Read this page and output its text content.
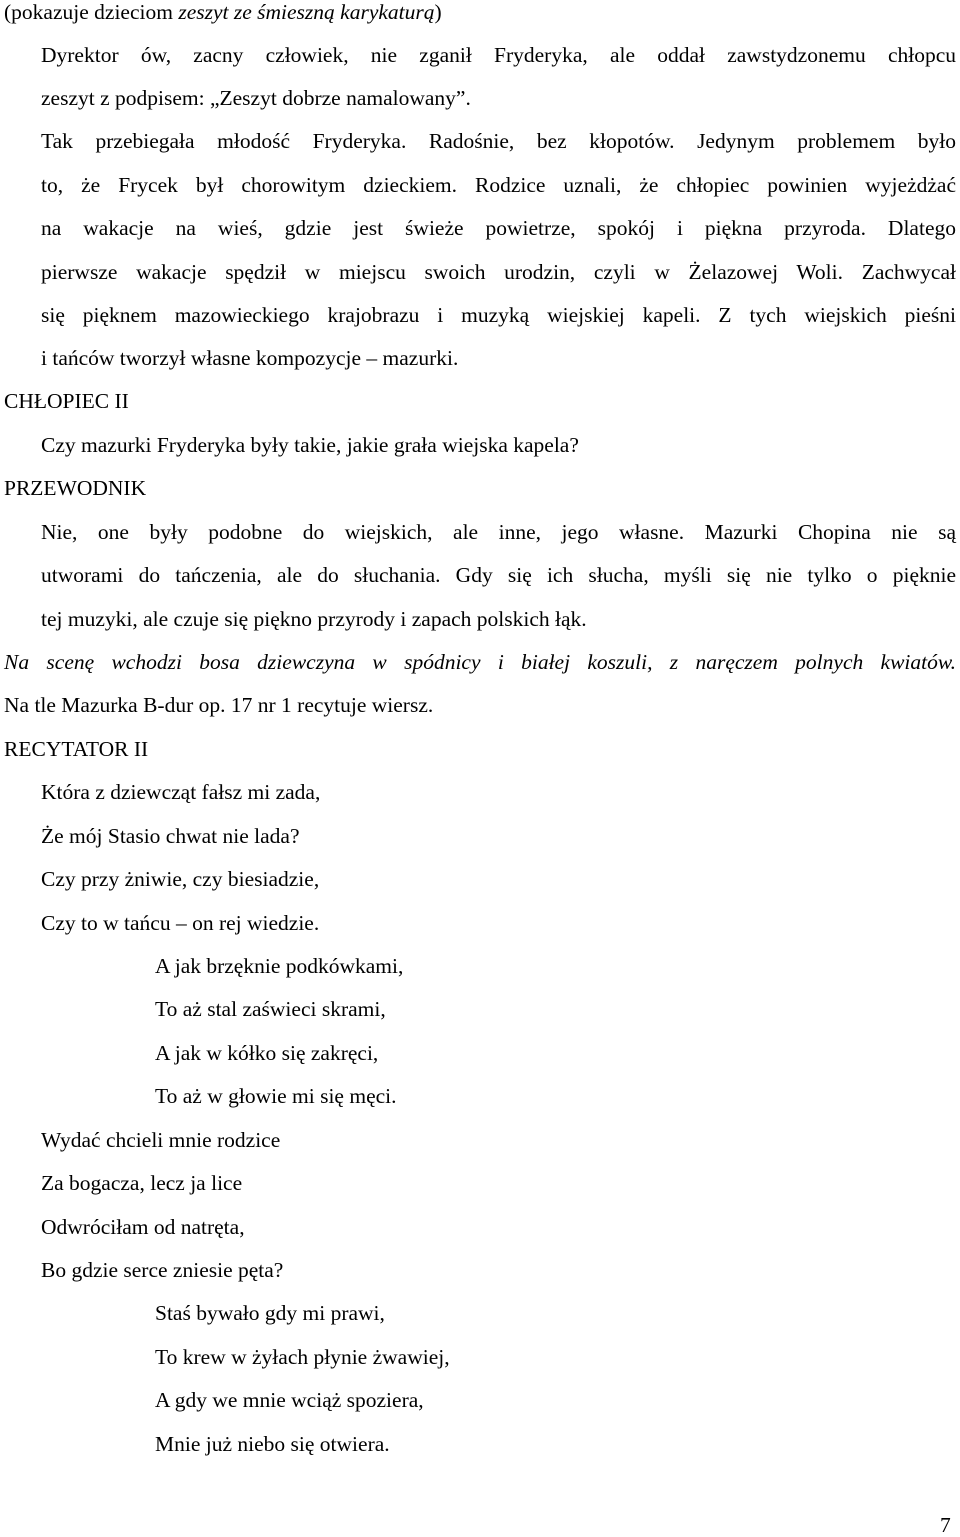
(pokazuje dzieciom zeszyt ze śmieszną karykaturą)
Dyrektor ów, zacny człowiek, nie zganił Fryderyka, ale oddał zawstydzonemu chłopcu
zeszyt z podpisem: „Zeszyt dobrze namalowany”.
Tak przebiegała młodość Fryderyka. Radośnie, bez kłopotów. Jedynym problemem było
to, że Frycek był chorowitym dzieckiem. Rodzice uznali, że chłopiec powinien wyjeżdżać
na wakacje na wieś, gdzie jest świeże powietrze, spokój i piękna przyroda. Dlatego
pierwsze wakacje spędził w miejscu swoich urodzin, czyli w Żelazowej Woli. Zachwycał
się pięknem mazowieckiego krajobrazu i muzyką wiejskiej kapeli. Z tych wiejskich pieśni
i tańców tworzył własne kompozycje – mazurki.
CHŁOPIEC II
Czy mazurki Fryderyka były takie, jakie grała wiejska kapela?
PRZEWODNIK
Nie, one były podobne do wiejskich, ale inne, jego własne. Mazurki Chopina nie są
utworami do tańczenia, ale do słuchania. Gdy się ich słucha, myśli się nie tylko o pięknie
tej muzyki, ale czuje się piękno przyrody i zapach polskich łąk.
Na scenę wchodzi bosa dziewczyna w spódnicy i białej koszuli, z naręczem polnych kwiatów.
Na tle Mazurka B-dur op. 17 nr 1 recytuje wiersz.
RECYTATOR II
Która z dziewcząt fałsz mi zada,
Że mój Stasio chwat nie lada?
Czy przy żniwie, czy biesiadzie,
Czy to w tańcu – on rej wiedzie.
A jak brzęknie podkówkami,
To aż stal zaświeci skrami,
A jak w kółko się zakręci,
To aż w głowie mi się męci.
Wydać chcieli mnie rodzice
Za bogacza, lecz ja lice
Odwróciłam od natręta,
Bo gdzie serce zniesie pęta?
Staś bywało gdy mi prawi,
To krew w żyłach płynie żwawiej,
A gdy we mnie wciąż spoziera,
Mnie już niebo się otwiera.
7
